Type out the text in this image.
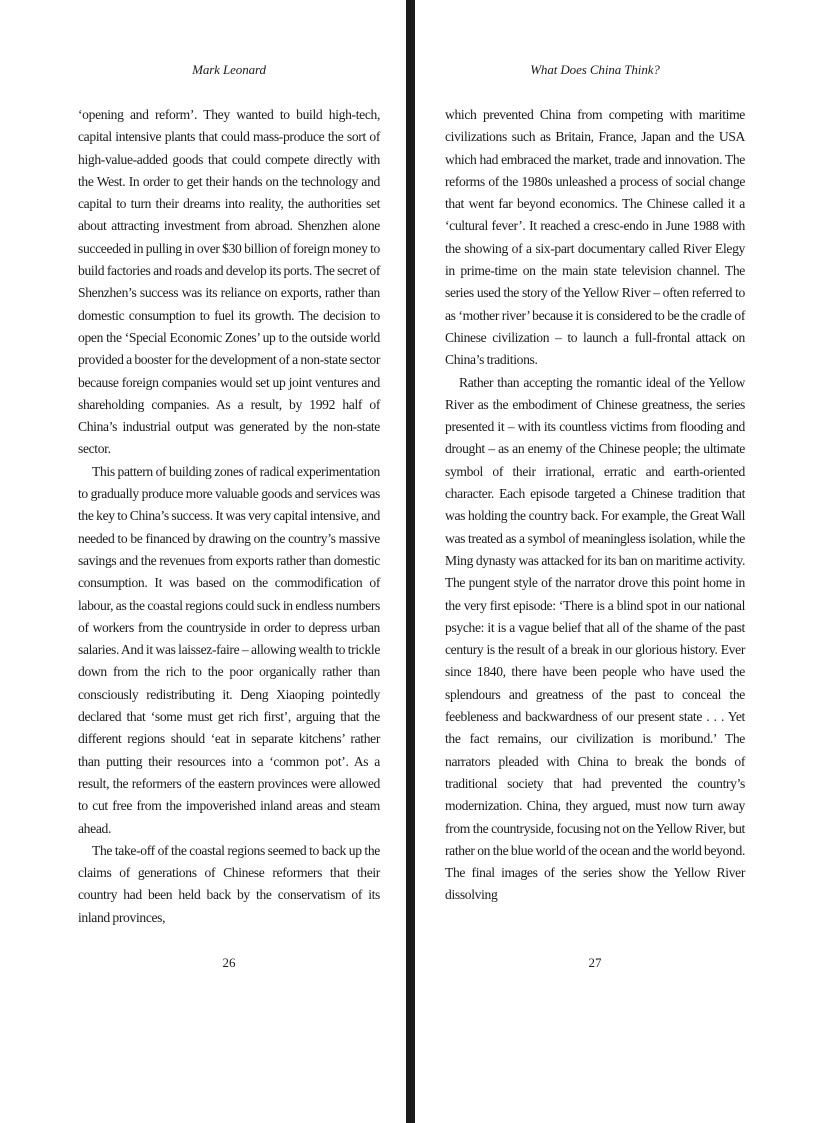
Mark Leonard

‘opening and reform’. They wanted to build high-tech, capital intensive plants that could mass-produce the sort of high-value-added goods that could compete directly with the West. In order to get their hands on the technology and capital to turn their dreams into reality, the authorities set about attracting investment from abroad. Shenzhen alone succeeded in pulling in over $30 billion of foreign money to build factories and roads and develop its ports. The secret of Shenzhen’s success was its reliance on exports, rather than domestic consumption to fuel its growth. The decision to open the ‘Special Economic Zones’ up to the outside world provided a booster for the development of a non-state sector because foreign companies would set up joint ventures and shareholding companies. As a result, by 1992 half of China’s industrial output was generated by the non-state sector.

This pattern of building zones of radical experimentation to gradually produce more valuable goods and services was the key to China’s success. It was very capital intensive, and needed to be financed by drawing on the country’s massive savings and the revenues from exports rather than domestic consumption. It was based on the commodification of labour, as the coastal regions could suck in endless numbers of workers from the countryside in order to depress urban salaries. And it was laissez-faire – allowing wealth to trickle down from the rich to the poor organically rather than consciously redistributing it. Deng Xiaoping pointedly declared that ‘some must get rich first’, arguing that the different regions should ‘eat in separate kitchens’ rather than putting their resources into a ‘common pot’. As a result, the reformers of the eastern provinces were allowed to cut free from the impoverished inland areas and steam ahead.

The take-off of the coastal regions seemed to back up the claims of generations of Chinese reformers that their country had been held back by the conservatism of its inland provinces,

26
What Does China Think?

which prevented China from competing with maritime civilizations such as Britain, France, Japan and the USA which had embraced the market, trade and innovation. The reforms of the 1980s unleashed a process of social change that went far beyond economics. The Chinese called it a ‘cultural fever’. It reached a cresc-endo in June 1988 with the showing of a six-part documentary called River Elegy in prime-time on the main state television channel. The series used the story of the Yellow River – often referred to as ‘mother river’ because it is considered to be the cradle of Chinese civilization – to launch a full-frontal attack on China’s traditions.

Rather than accepting the romantic ideal of the Yellow River as the embodiment of Chinese greatness, the series presented it – with its countless victims from flooding and drought – as an enemy of the Chinese people; the ultimate symbol of their irrational, erratic and earth-oriented character. Each episode targeted a Chinese tradition that was holding the country back. For example, the Great Wall was treated as a symbol of meaningless isolation, while the Ming dynasty was attacked for its ban on maritime activity. The pungent style of the narrator drove this point home in the very first episode: ‘There is a blind spot in our national psyche: it is a vague belief that all of the shame of the past century is the result of a break in our glorious history. Ever since 1840, there have been people who have used the splendours and greatness of the past to conceal the feebleness and backwardness of our present state . . . Yet the fact remains, our civilization is moribund.’ The narrators pleaded with China to break the bonds of traditional society that had prevented the country’s modernization. China, they argued, must now turn away from the countryside, focusing not on the Yellow River, but rather on the blue world of the ocean and the world beyond. The final images of the series show the Yellow River dissolving

27
